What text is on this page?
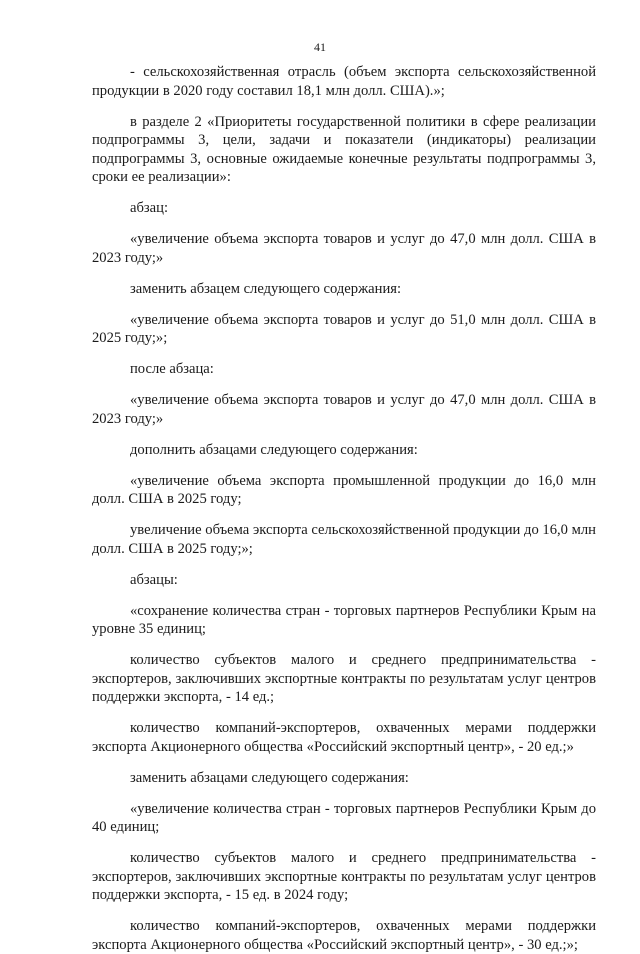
41

- сельскохозяйственная отрасль (объем экспорта сельскохозяйственной продукции в 2020 году составил 18,1 млн долл. США).»;

в разделе 2 «Приоритеты государственной политики в сфере реализации подпрограммы 3, цели, задачи и показатели (индикаторы) реализации подпрограммы 3, основные ожидаемые конечные результаты подпрограммы 3, сроки ее реализации»:

абзац:

«увеличение объема экспорта товаров и услуг до 47,0 млн долл. США в 2023 году;»

заменить абзацем следующего содержания:

«увеличение объема экспорта товаров и услуг до 51,0 млн долл. США в 2025 году;»;

после абзаца:

«увеличение объема экспорта товаров и услуг до 47,0 млн долл. США в 2023 году;»

дополнить абзацами следующего содержания:

«увеличение объема экспорта промышленной продукции до 16,0 млн долл. США в 2025 году;

увеличение объема экспорта сельскохозяйственной продукции до 16,0 млн долл. США в 2025 году;»;

абзацы:

«сохранение количества стран - торговых партнеров Республики Крым на уровне 35 единиц;

количество субъектов малого и среднего предпринимательства - экспортеров, заключивших экспортные контракты по результатам услуг центров поддержки экспорта, - 14 ед.;

количество компаний-экспортеров, охваченных мерами поддержки экспорта Акционерного общества «Российский экспортный центр», - 20 ед.;»

заменить абзацами следующего содержания:

«увеличение количества стран - торговых партнеров Республики Крым до 40 единиц;

количество субъектов малого и среднего предпринимательства - экспортеров, заключивших экспортные контракты по результатам услуг центров поддержки экспорта, - 15 ед. в 2024 году;

количество компаний-экспортеров, охваченных мерами поддержки экспорта Акционерного общества «Российский экспортный центр», - 30 ед.;»;
